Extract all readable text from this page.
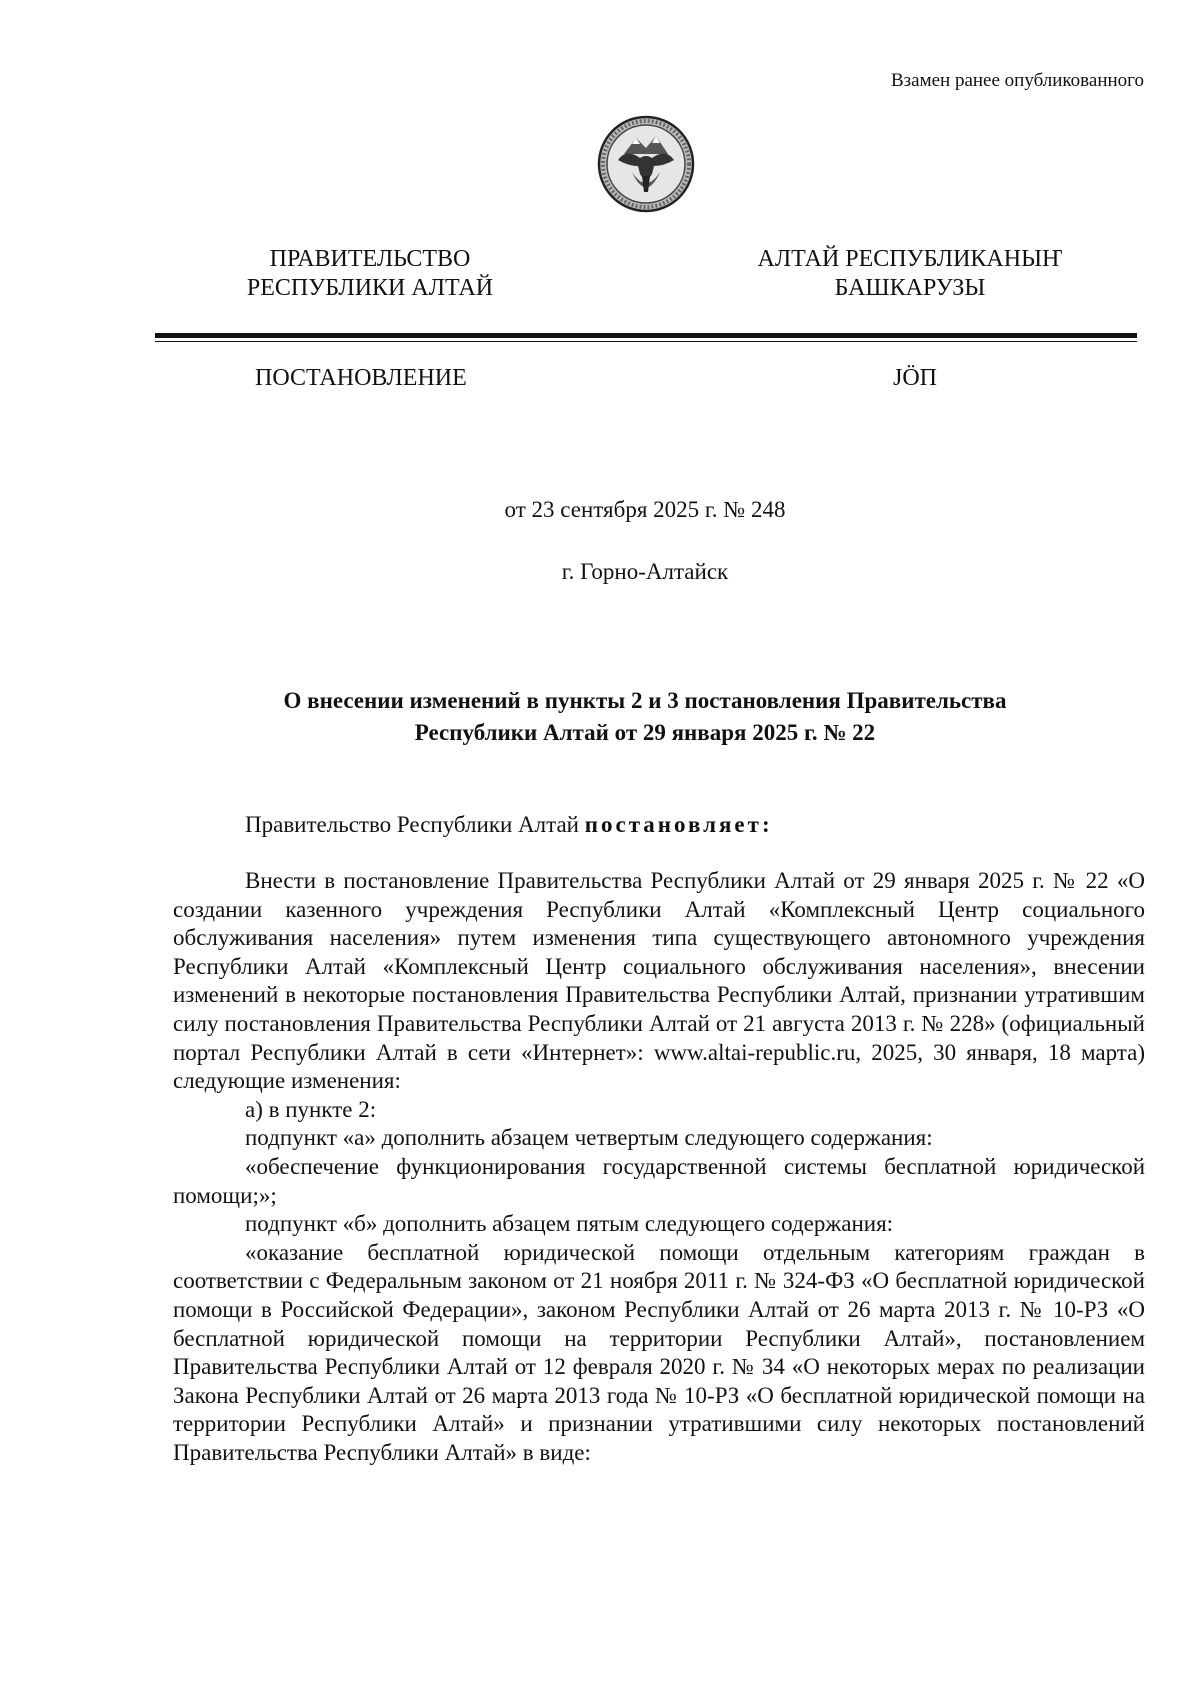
Взамен ранее опубликованного
ПРАВИТЕЛЬСТВО
РЕСПУБЛИКИ АЛТАЙ
АЛТАЙ РЕСПУБЛИКАНЫҤ
БАШКАРУЗЫ
ПОСТАНОВЛЕНИЕ	JÖП
от 23 сентября 2025 г. № 248
г. Горно-Алтайск
О внесении изменений в пункты 2 и 3 постановления Правительства
Республики Алтай от 29 января 2025 г. № 22
Правительство Республики Алтай постановляет:

Внести в постановление Правительства Республики Алтай от 29 января 2025 г. № 22 «О создании казенного учреждения Республики Алтай «Комплексный Центр социального обслуживания населения» путем изменения типа существующего автономного учреждения Республики Алтай «Комплексный Центр социального обслуживания населения», внесении изменений в некоторые постановления Правительства Республики Алтай, признании утратившим силу постановления Правительства Республики Алтай от 21 августа 2013 г. № 228» (официальный портал Республики Алтай в сети «Интернет»: www.altai-republic.ru, 2025, 30 января, 18 марта) следующие изменения:

а) в пункте 2:

подпункт «а» дополнить абзацем четвертым следующего содержания:

«обеспечение функционирования государственной системы бесплатной юридической помощи;»;

подпункт «б» дополнить абзацем пятым следующего содержания:

«оказание бесплатной юридической помощи отдельным категориям граждан в соответствии с Федеральным законом от 21 ноября 2011 г. № 324-ФЗ «О бесплатной юридической помощи в Российской Федерации», законом Республики Алтай от 26 марта 2013 г. № 10-РЗ «О бесплатной юридической помощи на территории Республики Алтай», постановлением Правительства Республики Алтай от 12 февраля 2020 г. № 34 «О некоторых мерах по реализации Закона Республики Алтай от 26 марта 2013 года № 10-РЗ «О бесплатной юридической помощи на территории Республики Алтай» и признании утратившими силу некоторых постановлений Правительства Республики Алтай» в виде:
